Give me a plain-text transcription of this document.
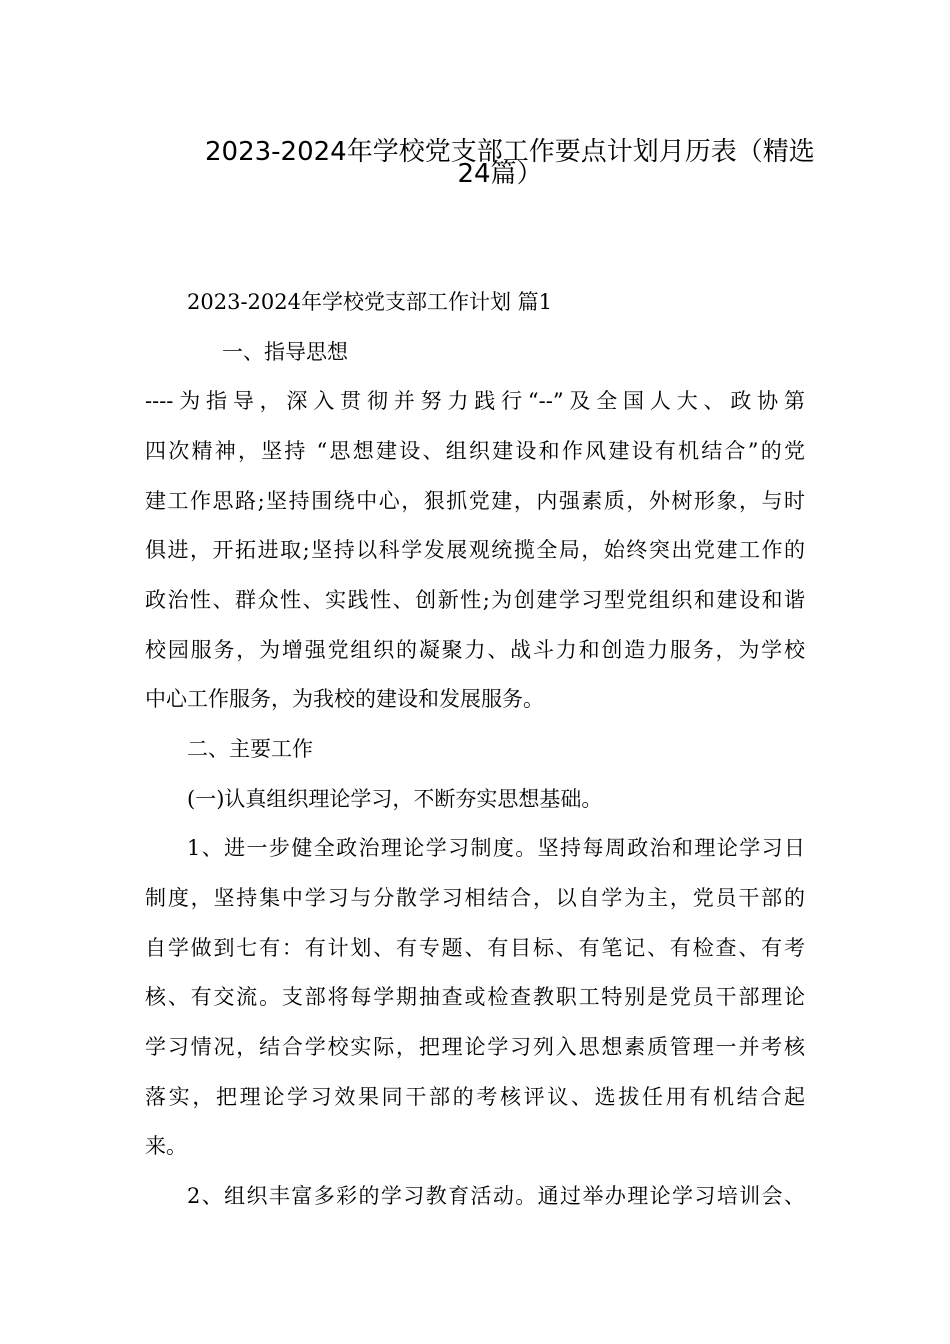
2023-2024年学校党支部工作要点计划月历表（精选
24篇）
2023-2024年学校党支部工作计划 篇1
一、指导思想
----为指导，深入贯彻并努力践行“--”及全国人大、政协第
四次精神，坚持 “思想建设、组织建设和作风建设有机结合”的党
建工作思路;坚持围绕中心，狠抓党建，内强素质，外树形象，与时
俱进，开拓进取;坚持以科学发展观统揽全局，始终突出党建工作的
政治性、群众性、实践性、创新性;为创建学习型党组织和建设和谐
校园服务，为增强党组织的凝聚力、战斗力和创造力服务，为学校
中心工作服务，为我校的建设和发展服务。
二、主要工作
(一)认真组织理论学习，不断夯实思想基础。
1、进一步健全政治理论学习制度。坚持每周政治和理论学习日
制度，坚持集中学习与分散学习相结合，以自学为主，党员干部的
自学做到七有：有计划、有专题、有目标、有笔记、有检查、有考
核、有交流。支部将每学期抽查或检查教职工特别是党员干部理论
学习情况，结合学校实际，把理论学习列入思想素质管理一并考核
落实，把理论学习效果同干部的考核评议、选拔任用有机结合起
来。
2、组织丰富多彩的学习教育活动。通过举办理论学习培训会、
